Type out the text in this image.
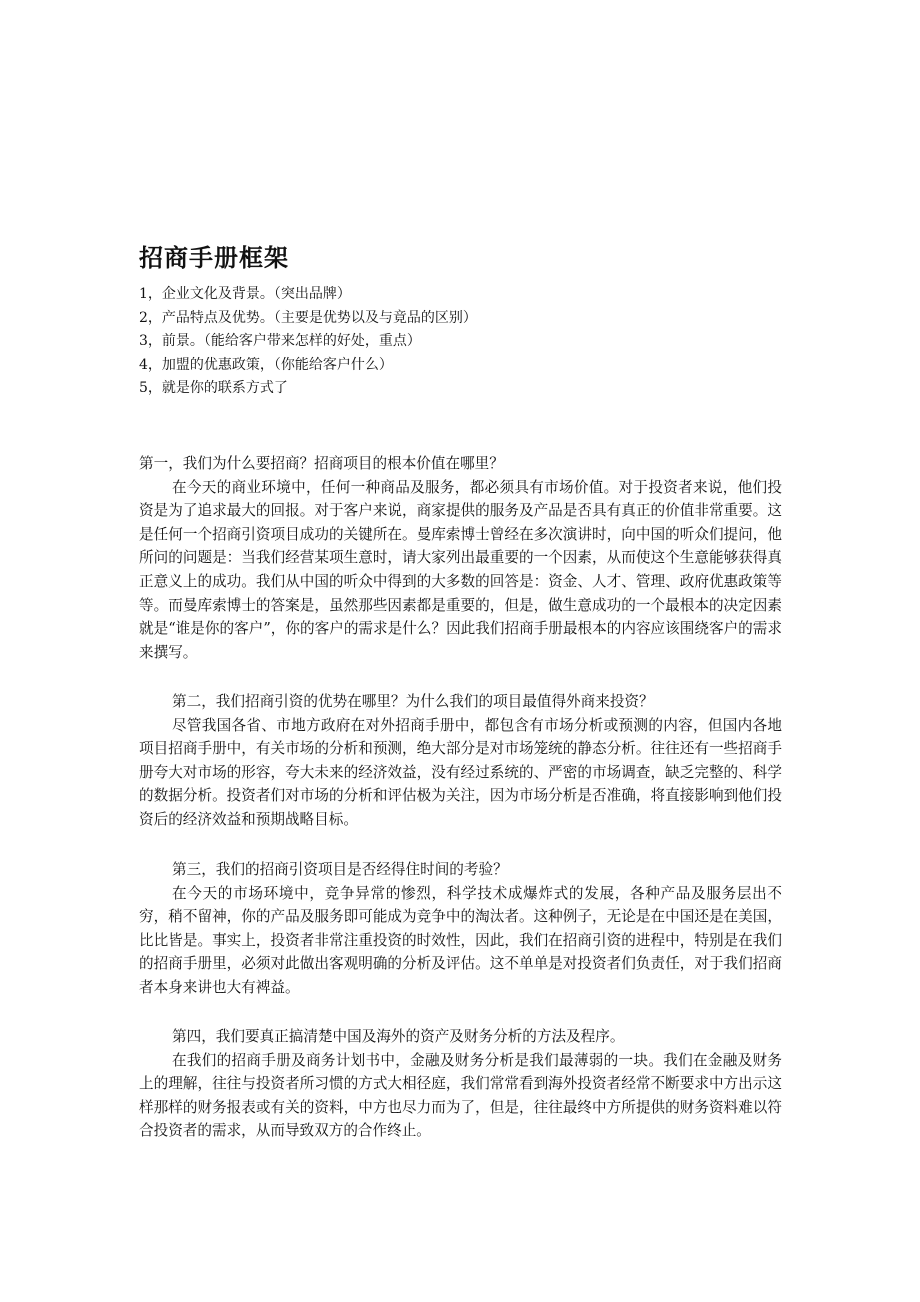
招商手册框架
1，企业文化及背景。（突出品牌）
2，产品特点及优势。（主要是优势以及与竟品的区别）
3，前景。（能给客户带来怎样的好处，重点）
4，加盟的优惠政策，（你能给客户什么）
5，就是你的联系方式了

第一，我们为什么要招商？招商项目的根本价值在哪里？

在今天的商业环境中，任何一种商品及服务，都必须具有市场价值。对于投资者来说，他们投资是为了追求最大的回报。对于客户来说，商家提供的服务及产品是否具有真正的价值非常重要。这是任何一个招商引资项目成功的关键所在。曼库索博士曾经在多次演讲时，向中国的听众们提问，他所问的问题是：当我们经营某项生意时，请大家列出最重要的一个因素，从而使这个生意能够获得真正意义上的成功。我们从中国的听众中得到的大多数的回答是：资金、人才、管理、政府优惠政策等等。而曼库索博士的答案是，虽然那些因素都是重要的，但是，做生意成功的一个最根本的决定因素就是“谁是你的客户”，你的客户的需求是什么？因此我们招商手册最根本的内容应该围绕客户的需求来撰写。

第二，我们招商引资的优势在哪里？为什么我们的项目最值得外商来投资？

尽管我国各省、市地方政府在对外招商手册中，都包含有市场分析或预测的内容，但国内各地项目招商手册中，有关市场的分析和预测，绝大部分是对市场笼统的静态分析。往往还有一些招商手册夸大对市场的形容，夸大未来的经济效益，没有经过系统的、严密的市场调查，缺乏完整的、科学的数据分析。投资者们对市场的分析和评估极为关注，因为市场分析是否准确，将直接影响到他们投资后的经济效益和预期战略目标。

第三，我们的招商引资项目是否经得住时间的考验？

在今天的市场环境中，竞争异常的惨烈，科学技术成爆炸式的发展，各种产品及服务层出不穷，稍不留神，你的产品及服务即可能成为竞争中的淘汰者。这种例子，无论是在中国还是在美国，比比皆是。事实上，投资者非常注重投资的时效性，因此，我们在招商引资的进程中，特别是在我们的招商手册里，必须对此做出客观明确的分析及评估。这不单单是对投资者们负责任，对于我们招商者本身来讲也大有裨益。

第四，我们要真正搞清楚中国及海外的资产及财务分析的方法及程序。

在我们的招商手册及商务计划书中，金融及财务分析是我们最薄弱的一块。我们在金融及财务上的理解，往往与投资者所习惯的方式大相径庭，我们常常看到海外投资者经常不断要求中方出示这样那样的财务报表或有关的资料，中方也尽力而为了，但是，往往最终中方所提供的财务资料难以符合投资者的需求，从而导致双方的合作终止。
